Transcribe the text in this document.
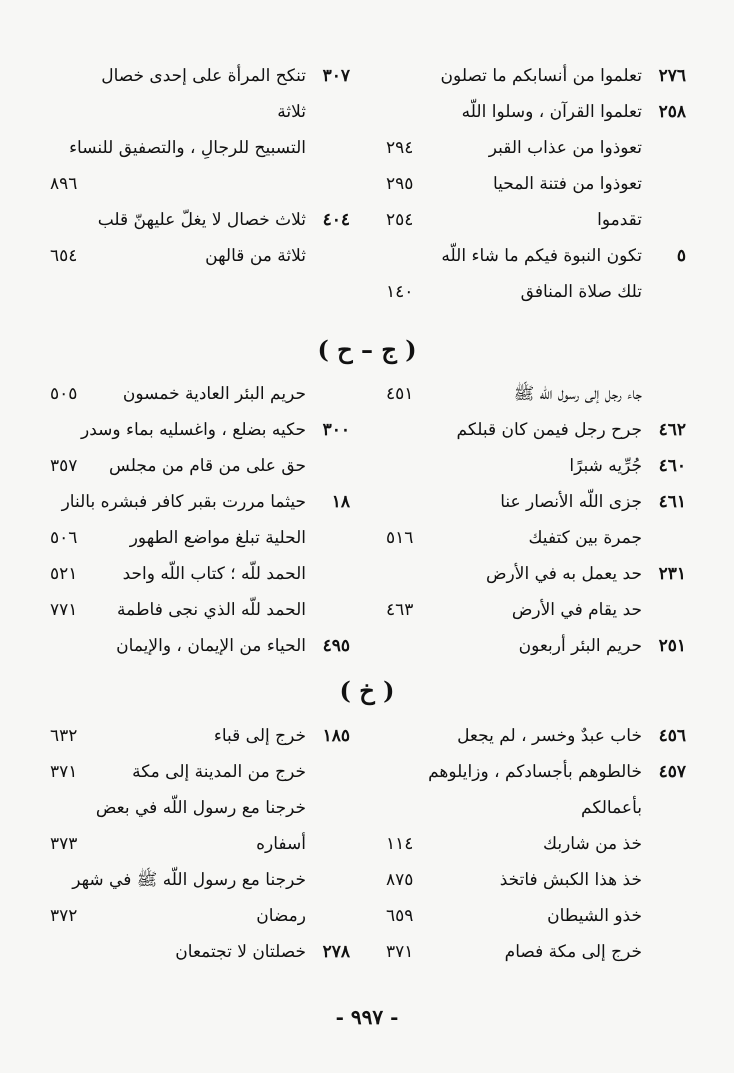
٢٧٦
تعلموا من أنسابكم ما تصلون
٢٥٨
تعلموا القرآن ، وسلوا اللّه
تعوذوا من عذاب القبر
٢٩٤
تعوذوا من فتنة المحيا
٢٩٥
تقدموا
٢٥٤
٥
تكون النبوة فيكم ما شاء اللّه
تلك صلاة المنافق
١٤٠
٣٠٧
تنكح المرأة على إحدى خصال
ثلاثة
التسبيح للرجالِ ، والتصفيق للنساء
٨٩٦
٤٠٤
ثلاث خصال لا يغلّ عليهنّ قلب
ثلاثة من قالهن
٦٥٤
( ج – ح )
جاء رجل إلى رسول اللّه ﷺ
٤٥١
٤٦٢
جرح رجل فيمن كان قبلكم
٤٦٠
جُرِّيه شبرًا
٤٦١
جزى اللّه الأنصار عنا
جمرة بين كتفيك
٥١٦
٢٣١
حد يعمل به في الأرض
حد يقام في الأرض
٤٦٣
٢٥١
حريم البئر أربعون
حريم البئر العادية خمسون
٥٠٥
٣٠٠
حكيه بضلع ، واغسليه بماء وسدر
حق على من قام من مجلس
٣٥٧
١٨
حيثما مررت بقبر كافر فبشره بالنار
الحلية تبلغ مواضع الطهور
٥٠٦
الحمد للّه ؛ كتاب اللّه واحد
٥٢١
الحمد للّه الذي نجى فاطمة
٧٧١
٤٩٥
الحياء من الإيمان ، والإيمان
( خ )
٤٥٦
خاب عبدٌ وخسر ، لم يجعل
٤٥٧
خالطوهم بأجسادكم ، وزايلوهم
بأعمالكم
خذ من شاربك
١١٤
خذ هذا الكبش فاتخذ
٨٧٥
خذو الشيطان
٦٥٩
خرج إلى مكة فصام
٣٧١
١٨٥
خرج إلى قباء
٦٣٢
خرج من المدينة إلى مكة
٣٧١
خرجنا مع رسول اللّه في بعض
أسفاره
٣٧٣
خرجنا مع رسول اللّه ﷺ في شهر
رمضان
٣٧٢
٢٧٨
خصلتان لا تجتمعان
- ٩٩٧ -
